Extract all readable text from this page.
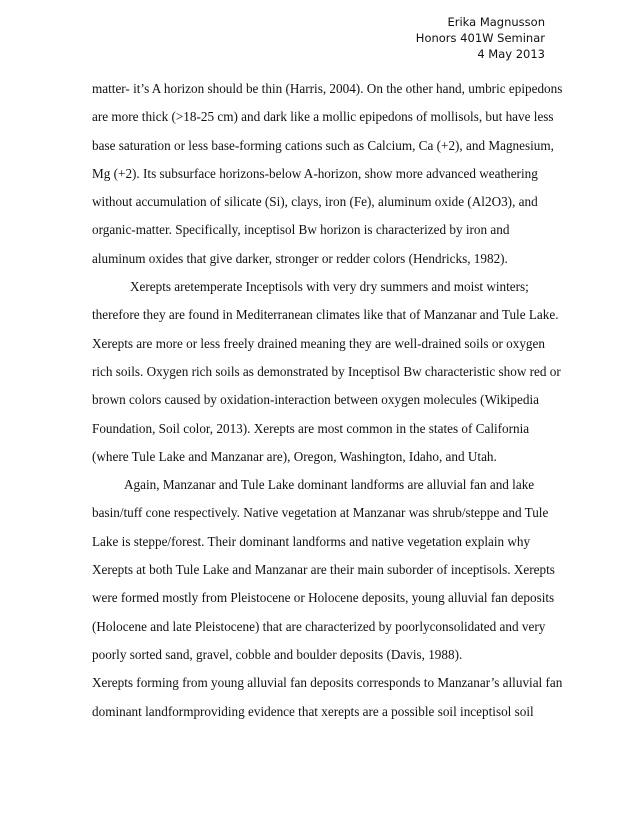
Erika Magnusson
Honors 401W Seminar
4 May 2013
matter- it’s A horizon should be thin (Harris, 2004). On the other hand, umbric epipedons
are more thick (>18-25 cm) and dark like a mollic epipedons of mollisols, but have less
base saturation or less base-forming cations such as Calcium, Ca (+2), and Magnesium,
Mg (+2). Its subsurface horizons-below A-horizon, show more advanced weathering
without accumulation of silicate (Si), clays, iron (Fe), aluminum oxide (Al2O3), and
organic-matter. Specifically, inceptisol Bw horizon is characterized by iron and
aluminum oxides that give darker, stronger or redder colors (Hendricks, 1982).
Xerepts aretemperate Inceptisols with very dry summers and moist winters;
therefore they are found in Mediterranean climates like that of Manzanar and Tule Lake.
Xerepts are more or less freely drained meaning they are well-drained soils or oxygen
rich soils. Oxygen rich soils as demonstrated by Inceptisol Bw characteristic show red or
brown colors caused by oxidation-interaction between oxygen molecules (Wikipedia
Foundation, Soil color, 2013). Xerepts are most common in the states of California
(where Tule Lake and Manzanar are), Oregon, Washington, Idaho, and Utah.
Again, Manzanar and Tule Lake dominant landforms are alluvial fan and lake
basin/tuff cone respectively. Native vegetation at Manzanar was shrub/steppe and Tule
Lake is steppe/forest. Their dominant landforms and native vegetation explain why
Xerepts at both Tule Lake and Manzanar are their main suborder of inceptisols. Xerepts
were formed mostly from Pleistocene or Holocene deposits, young alluvial fan deposits
(Holocene and late Pleistocene) that are characterized by poorlyconsolidated and very
poorly sorted sand, gravel, cobble and boulder deposits (Davis, 1988).
Xerepts forming from young alluvial fan deposits corresponds to Manzanar’s alluvial fan
dominant landformproviding evidence that xerepts are a possible soil inceptisol soil
